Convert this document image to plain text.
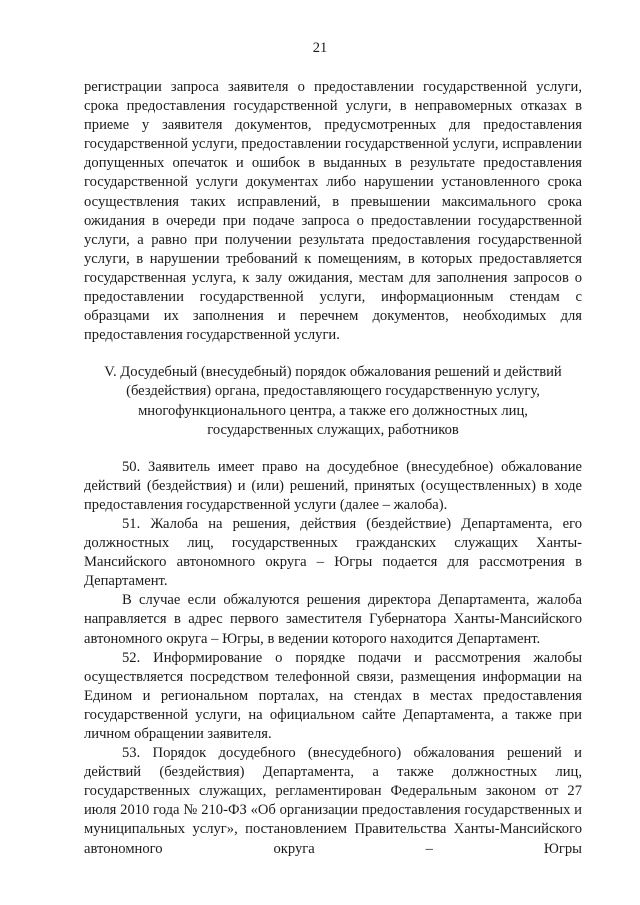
21

регистрации запроса заявителя о предоставлении государственной услуги, срока предоставления государственной услуги, в неправомерных отказах в приеме у заявителя документов, предусмотренных для предоставления государственной услуги, предоставлении государственной услуги, исправлении допущенных опечаток и ошибок в выданных в результате предоставления государственной услуги документах либо нарушении установленного срока осуществления таких исправлений, в превышении максимального срока ожидания в очереди при подаче запроса о предоставлении государственной услуги, а равно при получении результата предоставления государственной услуги, в нарушении требований к помещениям, в которых предоставляется государственная услуга, к залу ожидания, местам для заполнения запросов о предоставлении государственной услуги, информационным стендам с образцами их заполнения и перечнем документов, необходимых для предоставления государственной услуги.

V. Досудебный (внесудебный) порядок обжалования решений и действий
(бездействия) органа, предоставляющего государственную услугу,
многофункционального центра, а также его должностных лиц,
государственных служащих, работников

50. Заявитель имеет право на досудебное (внесудебное) обжалование действий (бездействия) и (или) решений, принятых (осуществленных) в ходе предоставления государственной услуги (далее – жалоба).

51. Жалоба на решения, действия (бездействие) Департамента, его должностных лиц, государственных гражданских служащих Ханты-Мансийского автономного округа – Югры подается для рассмотрения в Департамент.

В случае если обжалуются решения директора Департамента, жалоба направляется в адрес первого заместителя Губернатора Ханты-Мансийского автономного округа – Югры, в ведении которого находится Департамент.

52. Информирование о порядке подачи и рассмотрения жалобы осуществляется посредством телефонной связи, размещения информации на Едином и региональном порталах, на стендах в местах предоставления государственной услуги, на официальном сайте Департамента, а также при личном обращении заявителя.

53. Порядок досудебного (внесудебного) обжалования решений и действий (бездействия) Департамента, а также должностных лиц, государственных служащих, регламентирован Федеральным законом от 27 июля 2010 года № 210-ФЗ «Об организации предоставления государственных и муниципальных услуг», постановлением Правительства Ханты-Мансийского автономного округа – Югры
